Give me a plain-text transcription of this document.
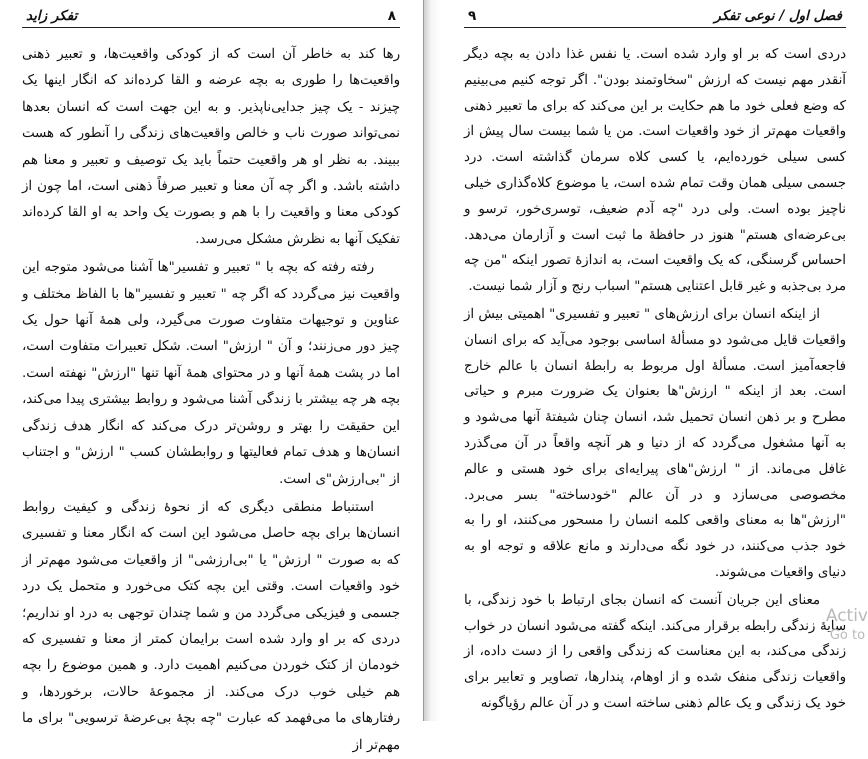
۸
تفکر زاید

رها کند به خاطر آن است که از کودکی واقعیت‌ها، و تعبیر ذهنی واقعیت‌ها را طوری به بچه عرضه و القا کرده‌اند که انگار اینها یک چیزند - یک چیز جدایی‌ناپذیر. و به این جهت است که انسان بعدها نمی‌تواند صورت ناب و خالص واقعیت‌های زندگی را آنطور که هست ببیند. به نظر او هر واقعیت حتماً باید یک توصیف و تعبیر و معنا هم داشته باشد. و اگر چه آن معنا و تعبیر صرفاً ذهنی است، اما چون از کودکی معنا و واقعیت را با هم و بصورت یک واحد به او القا کرده‌اند تفکیک آنها به نظرش مشکل می‌رسد.

رفته رفته که بچه با " تعبیر و تفسیر"ها آشنا می‌شود متوجه این واقعیت نیز می‌گردد که اگر چه " تعبیر و تفسیر"ها با الفاظ مختلف و عناوین و توجیهات متفاوت صورت می‌گیرد، ولی همهٔ آنها حول یک چیز دور می‌زنند؛ و آن " ارزش" است. شکل تعبیرات متفاوت است، اما در پشت همهٔ آنها و در محتوای همهٔ آنها تنها "ارزش" نهفته است. بچه هر چه بیشتر با زندگی آشنا می‌شود و روابط بیشتری پیدا می‌کند، این حقیقت را بهتر و روشن‌تر درک می‌کند که انگار هدف زندگی انسان‌ها و هدف تمام فعالیتها و روابطشان کسب " ارزش" و اجتناب از "بی‌ارزش"ی است.

استنباط منطقی دیگری که از نحوهٔ زندگی و کیفیت روابط انسان‌ها برای بچه حاصل می‌شود این است که انگار معنا و تفسیری که به صورت " ارزش" یا "بی‌ارزشی" از واقعیات می‌شود مهم‌تر از خود واقعیات است. وقتی این بچه کتک می‌خورد و متحمل یک درد جسمی و فیزیکی می‌گردد من و شما چندان توجهی به درد او نداریم؛ دردی که بر او وارد شده است برایمان کمتر از معنا و تفسیری که خودمان از کتک خوردن می‌کنیم اهمیت دارد. و همین موضوع را بچه هم خیلی خوب درک می‌کند. از مجموعهٔ حالات، برخوردها، و رفتارهای ما می‌فهمد که عبارت "چه بچهٔ بی‌عرضهٔ ترسویی" برای ما مهم‌تر از

فصل اول / نوعی تفکر
۹

دردی است که بر او وارد شده است. یا نفس غذا دادن به بچه دیگر آنقدر مهم نیست که ارزش "سخاوتمند بودن". اگر توجه کنیم می‌بینیم که وضع فعلی خود ما هم حکایت بر این می‌کند که برای ما تعبیر ذهنی واقعیات مهم‌تر از خود واقعیات است. من یا شما بیست سال پیش از کسی سیلی خورده‌ایم، یا کسی کلاه سرمان گذاشته است. درد جسمی سیلی همان وقت تمام شده است، یا موضوع کلاه‌گذاری خیلی ناچیز بوده است. ولی درد "چه آدم ضعیف، توسری‌خور، ترسو و بی‌عرضه‌ای هستم" هنوز در حافظهٔ ما ثبت است و آزارمان می‌دهد. احساس گرسنگی، که یک واقعیت است، به اندازهٔ تصور اینکه "من چه مرد بی‌جذبه و غیر قابل اعتنایی هستم" اسباب رنج و آزار شما نیست.

از اینکه انسان برای ارزش‌های " تعبیر و تفسیری" اهمیتی بیش از واقعیات قایل می‌شود دو مسألهٔ اساسی بوجود می‌آید که برای انسان فاجعه‌آمیز است. مسألهٔ اول مربوط به رابطهٔ انسان با عالم خارج است. بعد از اینکه " ارزش"ها بعنوان یک ضرورت مبرم و حیاتی مطرح و بر ذهن انسان تحمیل شد، انسان چنان شیفتهٔ آنها می‌شود و به آنها مشغول می‌گردد که از دنیا و هر آنچه واقعاً در آن می‌گذرد غافل می‌ماند. از " ارزش"های پیرایه‌ای برای خود هستی و عالم مخصوصی می‌سازد و در آن عالم "خودساخته" بسر می‌برد. "ارزش"ها به معنای واقعی کلمه انسان را مسحور می‌کنند، او را به خود جذب می‌کنند، در خود نگه می‌دارند و مانع علاقه و توجه او به دنیای واقعیات می‌شوند.

معنای این جریان آنست که انسان بجای ارتباط با خود زندگی، با سایهٔ زندگی رابطه برقرار می‌کند. اینکه گفته می‌شود انسان در خواب زندگی می‌کند، به این معناست که زندگی واقعی را از دست داده، از واقعیات زندگی منفک شده و از اوهام، پندارها، تصاویر و تعابیر برای خود یک زندگی و یک عالم ذهنی ساخته است و در آن عالم رؤیاگونه

Activ
Go to
